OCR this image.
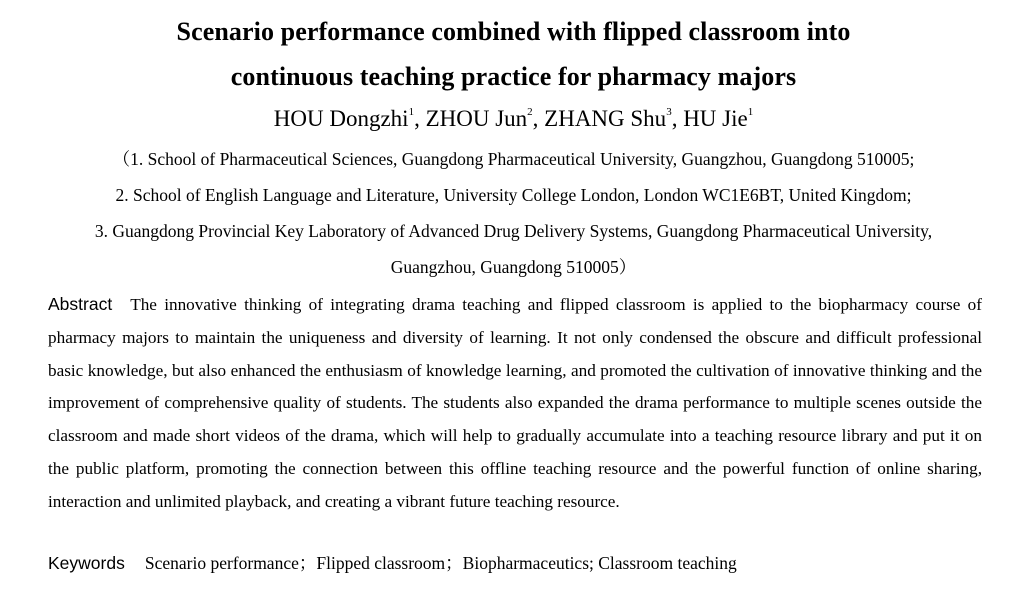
Scenario performance combined with flipped classroom into
continuous teaching practice for pharmacy majors
HOU Dongzhi$^1$, ZHOU Jun$^2$, ZHANG Shu$^3$, HU Jie$^1$
（1. School of Pharmaceutical Sciences, Guangdong Pharmaceutical University, Guangzhou, Guangdong 510005;
2. School of English Language and Literature, University College London, London WC1E6BT, United Kingdom;
3. Guangdong Provincial Key Laboratory of Advanced Drug Delivery Systems, Guangdong Pharmaceutical University,
Guangzhou, Guangdong 510005）
Abstract The innovative thinking of integrating drama teaching and flipped classroom is applied to the biopharmacy course of pharmacy majors to maintain the uniqueness and diversity of learning. It not only condensed the obscure and difficult professional basic knowledge, but also enhanced the enthusiasm of knowledge learning, and promoted the cultivation of innovative thinking and the improvement of comprehensive quality of students. The students also expanded the drama performance to multiple scenes outside the classroom and made short videos of the drama, which will help to gradually accumulate into a teaching resource library and put it on the public platform, promoting the connection between this offline teaching resource and the powerful function of online sharing, interaction and unlimited playback, and creating a vibrant future teaching resource.
Keywords Scenario performance；Flipped classroom；Biopharmaceutics; Classroom teaching
